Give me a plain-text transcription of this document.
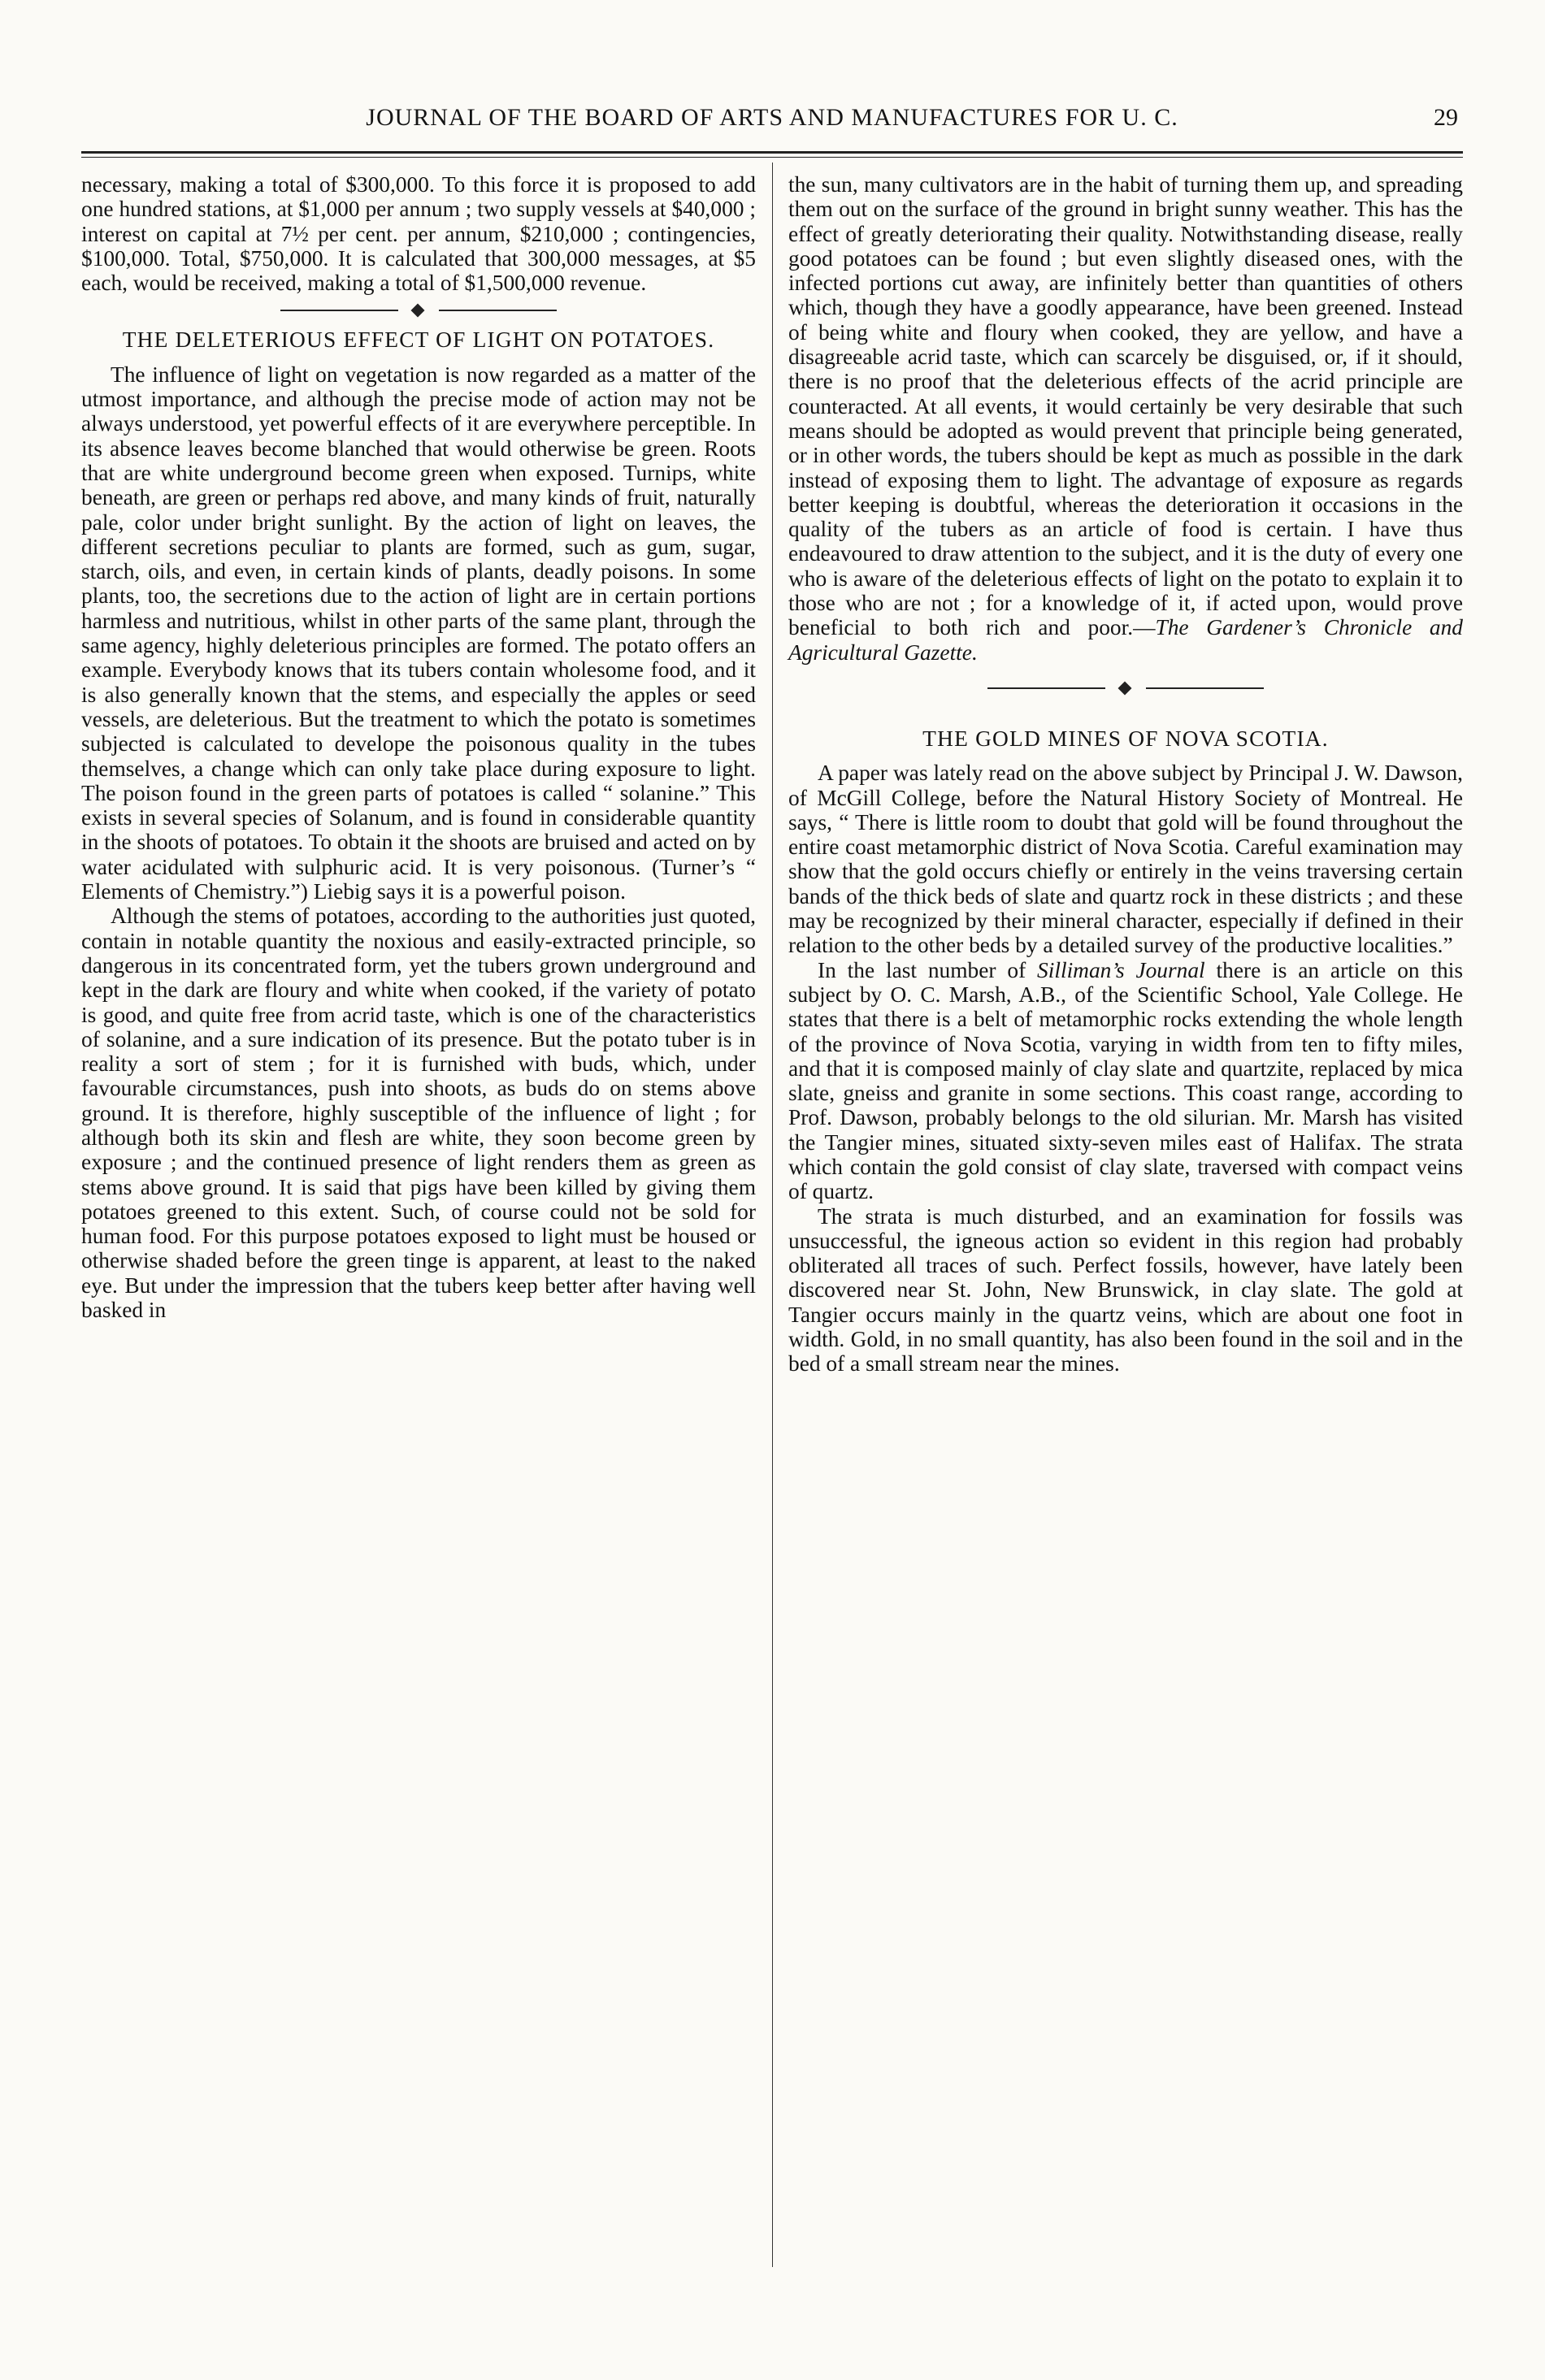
JOURNAL OF THE BOARD OF ARTS AND MANUFACTURES FOR U. C.	29

necessary, making a total of $300,000. To this force it is proposed to add one hundred stations, at $1,000 per annum ; two supply vessels at $40,000 ; interest on capital at 7½ per cent. per annum, $210,000 ; contingencies, $100,000. Total, $750,000. It is calculated that 300,000 messages, at $5 each, would be received, making a total of $1,500,000 revenue.

THE DELETERIOUS EFFECT OF LIGHT ON POTATOES.

The influence of light on vegetation is now regarded as a matter of the utmost importance, and although the precise mode of action may not be always understood, yet powerful effects of it are everywhere perceptible. In its absence leaves become blanched that would otherwise be green. Roots that are white underground become green when exposed. Turnips, white beneath, are green or perhaps red above, and many kinds of fruit, naturally pale, color under bright sunlight. By the action of light on leaves, the different secretions peculiar to plants are formed, such as gum, sugar, starch, oils, and even, in certain kinds of plants, deadly poisons. In some plants, too, the secretions due to the action of light are in certain portions harmless and nutritious, whilst in other parts of the same plant, through the same agency, highly deleterious principles are formed. The potato offers an example. Everybody knows that its tubers contain wholesome food, and it is also generally known that the stems, and especially the apples or seed vessels, are deleterious. But the treatment to which the potato is sometimes subjected is calculated to develope the poisonous quality in the tubes themselves, a change which can only take place during exposure to light. The poison found in the green parts of potatoes is called “ solanine.” This exists in several species of Solanum, and is found in considerable quantity in the shoots of potatoes. To obtain it the shoots are bruised and acted on by water acidulated with sulphuric acid. It is very poisonous. (Turner’s “ Elements of Chemistry.”) Liebig says it is a powerful poison.

Although the stems of potatoes, according to the authorities just quoted, contain in notable quantity the noxious and easily-extracted principle, so dangerous in its concentrated form, yet the tubers grown underground and kept in the dark are floury and white when cooked, if the variety of potato is good, and quite free from acrid taste, which is one of the characteristics of solanine, and a sure indication of its presence. But the potato tuber is in reality a sort of stem ; for it is furnished with buds, which, under favourable circumstances, push into shoots, as buds do on stems above ground. It is therefore, highly susceptible of the influence of light ; for although both its skin and flesh are white, they soon become green by exposure ; and the continued presence of light renders them as green as stems above ground. It is said that pigs have been killed by giving them potatoes greened to this extent. Such, of course could not be sold for human food. For this purpose potatoes exposed to light must be housed or otherwise shaded before the green tinge is apparent, at least to the naked eye. But under the impression that the tubers keep better after having well basked in

the sun, many cultivators are in the habit of turning them up, and spreading them out on the surface of the ground in bright sunny weather. This has the effect of greatly deteriorating their quality. Notwithstanding disease, really good potatoes can be found ; but even slightly diseased ones, with the infected portions cut away, are infinitely better than quantities of others which, though they have a goodly appearance, have been greened. Instead of being white and floury when cooked, they are yellow, and have a disagreeable acrid taste, which can scarcely be disguised, or, if it should, there is no proof that the deleterious effects of the acrid principle are counteracted. At all events, it would certainly be very desirable that such means should be adopted as would prevent that principle being generated, or in other words, the tubers should be kept as much as possible in the dark instead of exposing them to light. The advantage of exposure as regards better keeping is doubtful, whereas the deterioration it occasions in the quality of the tubers as an article of food is certain. I have thus endeavoured to draw attention to the subject, and it is the duty of every one who is aware of the deleterious effects of light on the potato to explain it to those who are not ; for a knowledge of it, if acted upon, would prove beneficial to both rich and poor.—The Gardener’s Chronicle and Agricultural Gazette.

THE GOLD MINES OF NOVA SCOTIA.

A paper was lately read on the above subject by Principal J. W. Dawson, of McGill College, before the Natural History Society of Montreal. He says, “ There is little room to doubt that gold will be found throughout the entire coast metamorphic district of Nova Scotia. Careful examination may show that the gold occurs chiefly or entirely in the veins traversing certain bands of the thick beds of slate and quartz rock in these districts ; and these may be recognized by their mineral character, especially if defined in their relation to the other beds by a detailed survey of the productive localities.”

In the last number of Silliman’s Journal there is an article on this subject by O. C. Marsh, A.B., of the Scientific School, Yale College. He states that there is a belt of metamorphic rocks extending the whole length of the province of Nova Scotia, varying in width from ten to fifty miles, and that it is composed mainly of clay slate and quartzite, replaced by mica slate, gneiss and granite in some sections. This coast range, according to Prof. Dawson, probably belongs to the old silurian. Mr. Marsh has visited the Tangier mines, situated sixty-seven miles east of Halifax. The strata which contain the gold consist of clay slate, traversed with compact veins of quartz.

The strata is much disturbed, and an examination for fossils was unsuccessful, the igneous action so evident in this region had probably obliterated all traces of such. Perfect fossils, however, have lately been discovered near St. John, New Brunswick, in clay slate. The gold at Tangier occurs mainly in the quartz veins, which are about one foot in width. Gold, in no small quantity, has also been found in the soil and in the bed of a small stream near the mines.
